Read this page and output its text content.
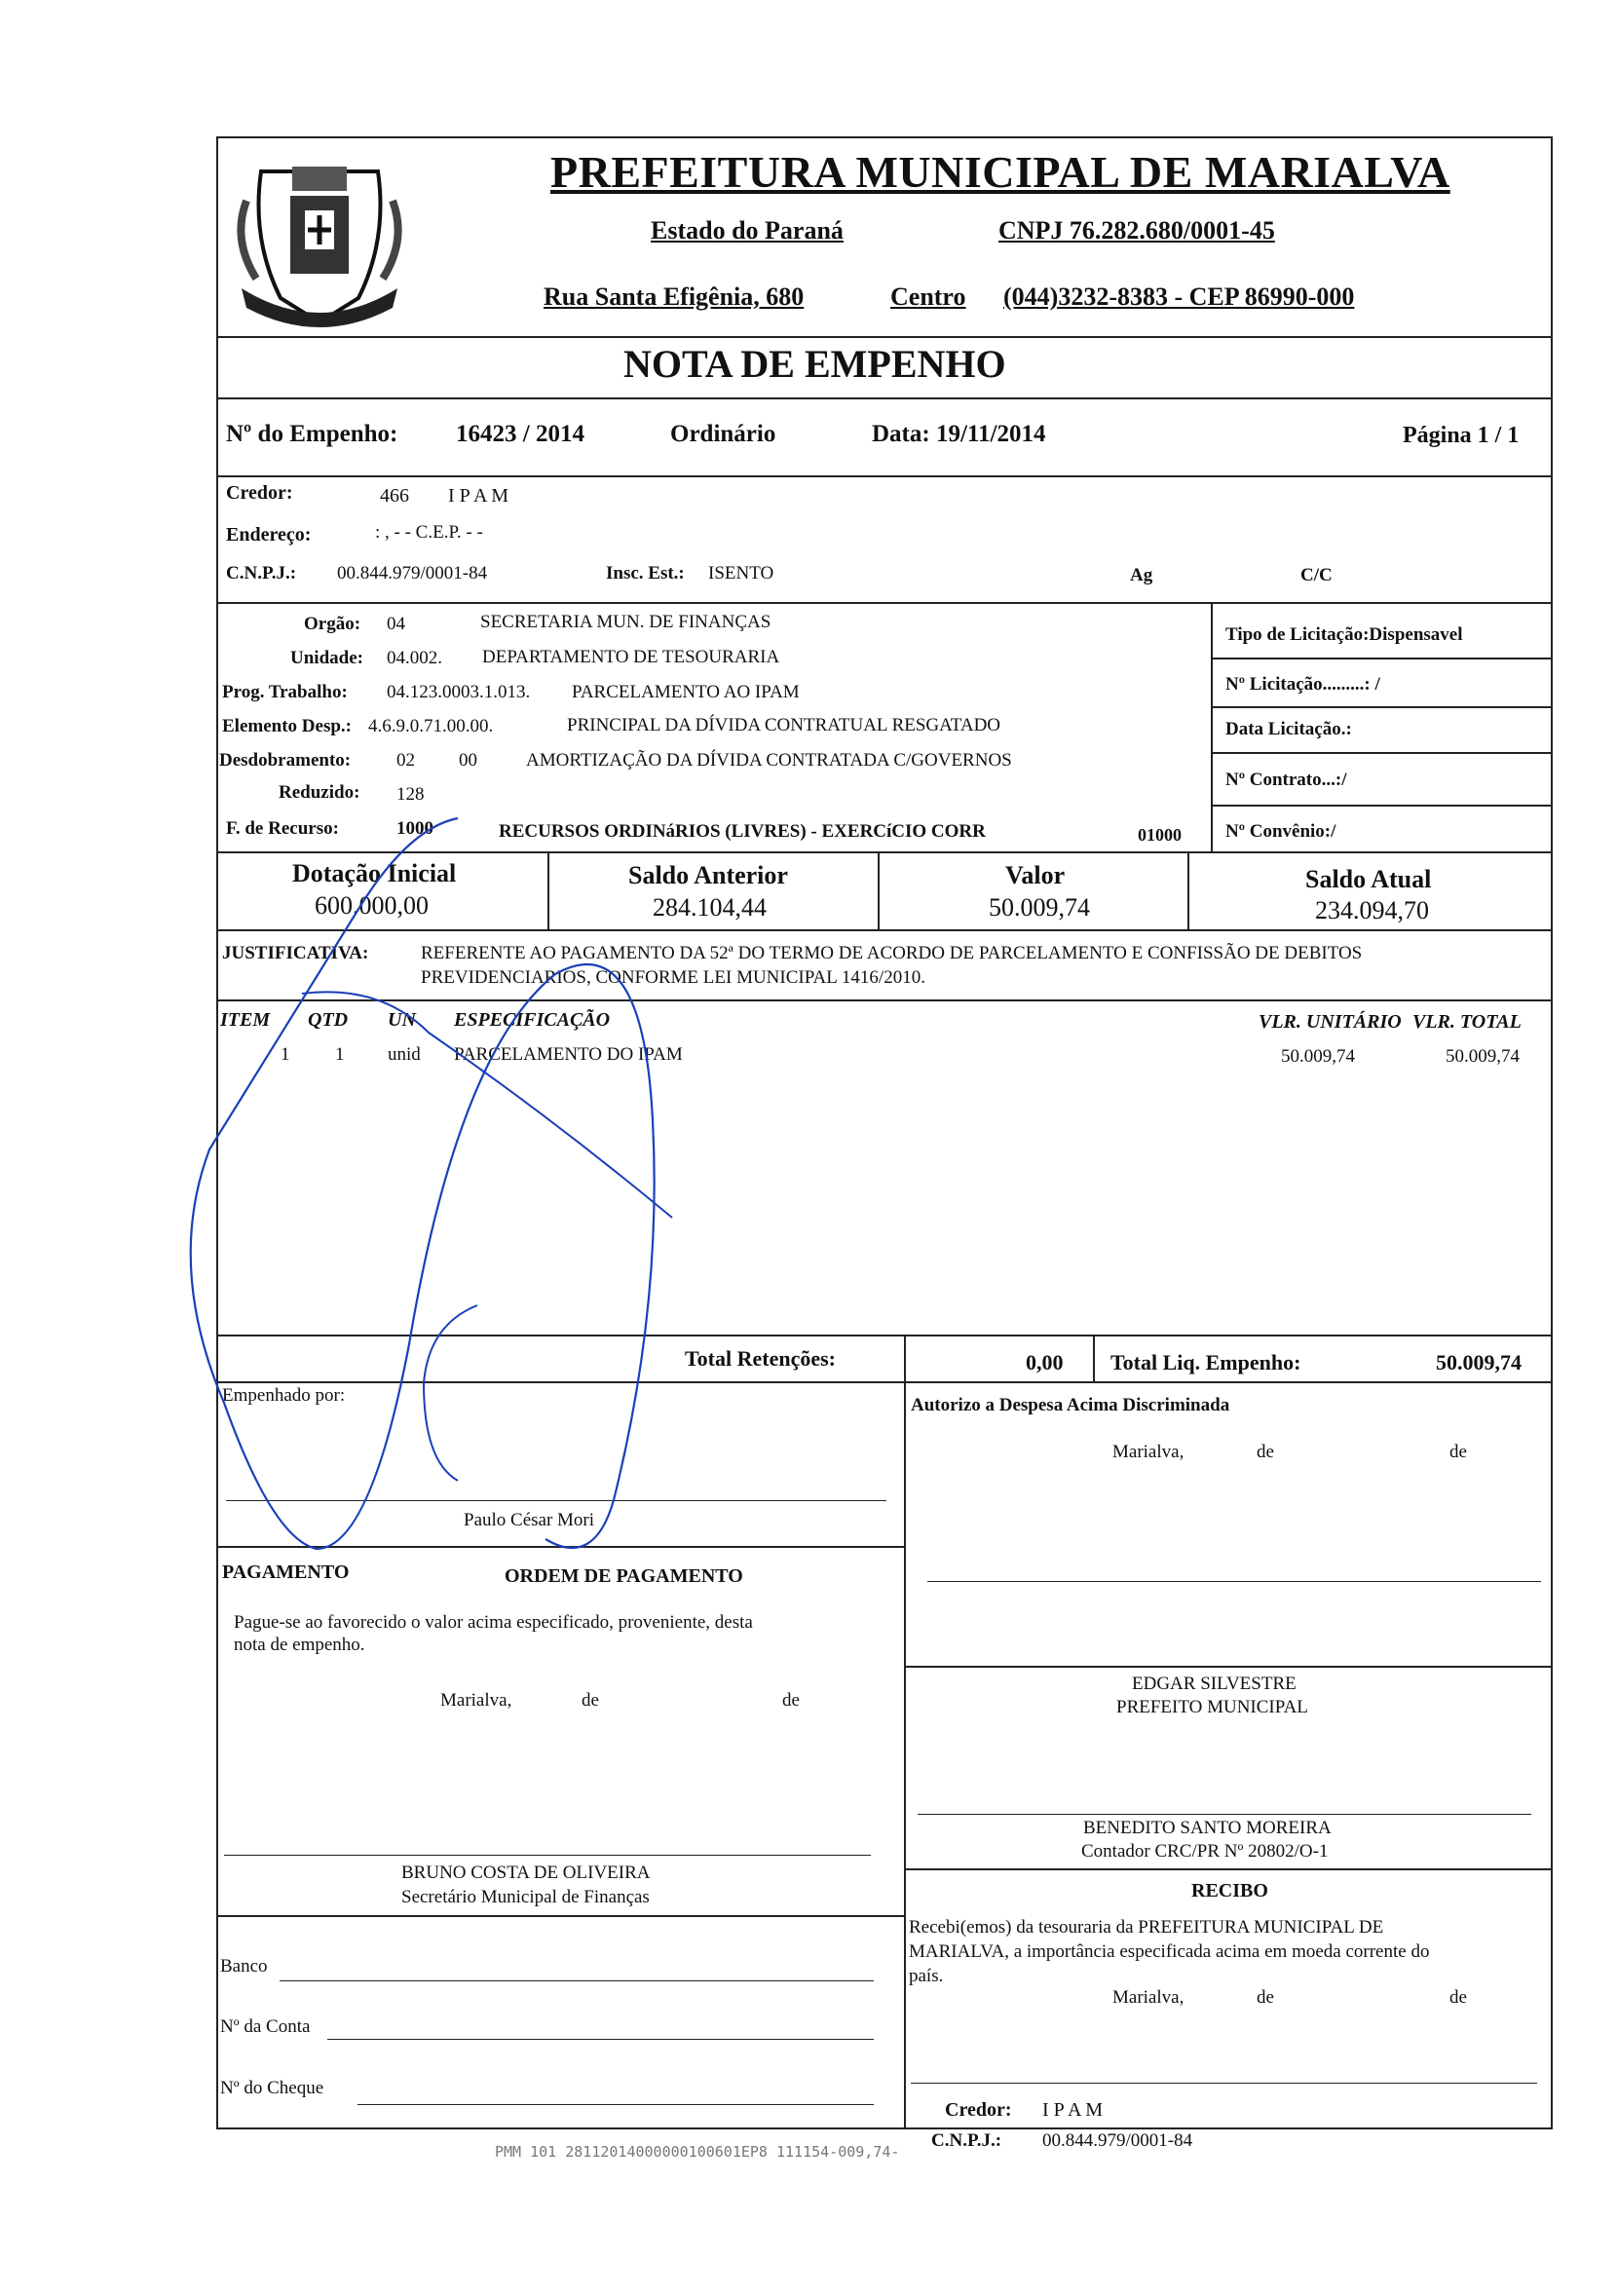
PREFEITURA MUNICIPAL DE MARIALVA
Estado do Paraná	CNPJ 76.282.680/0001-45
Rua Santa Efigênia, 680	Centro (044)3232-8383 - CEP 86990-000
NOTA DE EMPENHO
Nº do Empenho: 16423 / 2014	Ordinário	Data: 19/11/2014	Página 1 / 1
Credor:	466 I P A M
Endereço:	: , - - C.E.P. - -
C.N.P.J.: 00.844.979/0001-84	Insc. Est.: ISENTO	Ag	C/C
Orgão: 04	SECRETARIA MUN. DE FINANÇAS
Unidade: 04.002. DEPARTAMENTO DE TESOURARIA
Prog. Trabalho: 04.123.0003.1.013. PARCELAMENTO AO IPAM
Elemento Desp.: 4.6.9.0.71.00.00.	PRINCIPAL DA DÍVIDA CONTRATUAL RESGATADO
Desdobramento: 02 00	AMORTIZAÇÃO DA DÍVIDA CONTRATADA C/GOVERNOS
Reduzido: 128
F. de Recurso:	1000	RECURSOS ORDINáRIOS (LIVRES) - EXERCíCIO CORR	01000
Tipo de Licitação:Dispensavel
Nº Licitação.........: /
Data Licitação.:
Nº Contrato...:/
Nº Convênio:/
Dotação Inicial
600.000,00
Saldo Anterior
284.104,44
Valor
50.009,74
Saldo Atual
234.094,70
JUSTIFICATIVA:	REFERENTE AO PAGAMENTO DA 52ª DO TERMO DE ACORDO DE PARCELAMENTO E CONFISSÃO DE DEBITOS
PREVIDENCIARIOS, CONFORME LEI MUNICIPAL 1416/2010.
ITEM QTD UN ESPECIFICAÇÃO	VLR. UNITÁRIO VLR. TOTAL
1 1 unid PARCELAMENTO DO IPAM	50.009,74	50.009,74
Total Retenções:	0,00 Total Liq. Empenho:	50.009,74
Empenhado por:
Paulo César Mori
Autorizo a Despesa Acima Discriminada
Marialva,	de	de
PAGAMENTO	ORDEM DE PAGAMENTO
Pague-se ao favorecido o valor acima especificado, proveniente, desta
nota de empenho.
Marialva,	de	de
EDGAR SILVESTRE
PREFEITO MUNICIPAL
BENEDITO SANTO MOREIRA
Contador CRC/PR Nº 20802/O-1
BRUNO COSTA DE OLIVEIRA
Secretário Municipal de Finanças
Banco
Nº da Conta
Nº do Cheque
RECIBO
Recebi(emos) da tesouraria da PREFEITURA MUNICIPAL DE
MARIALVA, a importância especificada acima em moeda corrente do
país.
Marialva,	de	de
Credor: I P A M
C.N.P.J.: 00.844.979/0001-84
PMM 101 28112014000000100601EP8 111154-009,74-
